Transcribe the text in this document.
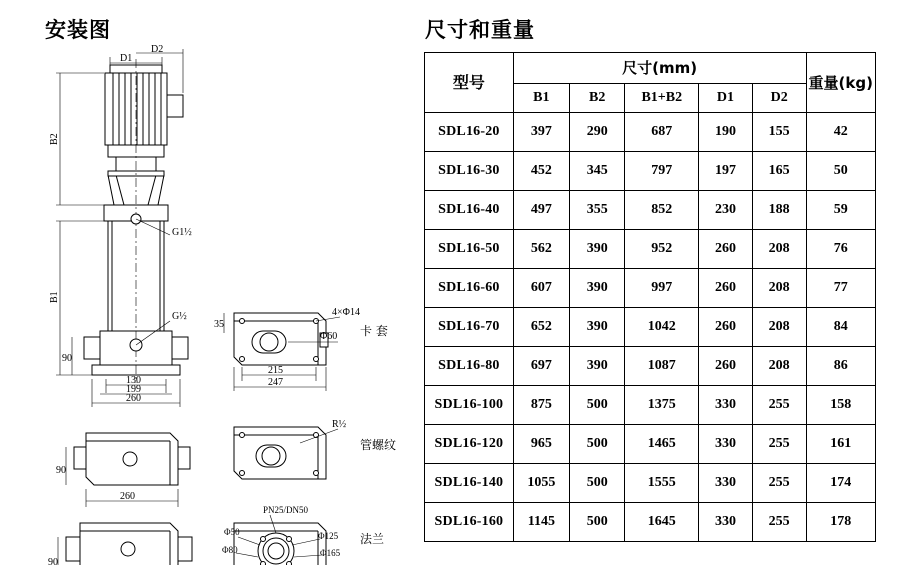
安装图	尺寸和重量
D1
D2
B2
B1
G1½
G½
90
130
199
260
Φ60
35
215
247
4×Φ14
卡 套
90
260
R½
管螺纹
90
PN25/DN50
Φ50
Φ80
Φ125
Φ165
法兰
型号	尺寸(mm)					重量(kg)
	B1	B2	B1+B2	D1	D2	
SDL16-20	397	290	687	190	155	42
SDL16-30	452	345	797	197	165	50
SDL16-40	497	355	852	230	188	59
SDL16-50	562	390	952	260	208	76
SDL16-60	607	390	997	260	208	77
SDL16-70	652	390	1042	260	208	84
SDL16-80	697	390	1087	260	208	86
SDL16-100	875	500	1375	330	255	158
SDL16-120	965	500	1465	330	255	161
SDL16-140	1055	500	1555	330	255	174
SDL16-160	1145	500	1645	330	255	178
